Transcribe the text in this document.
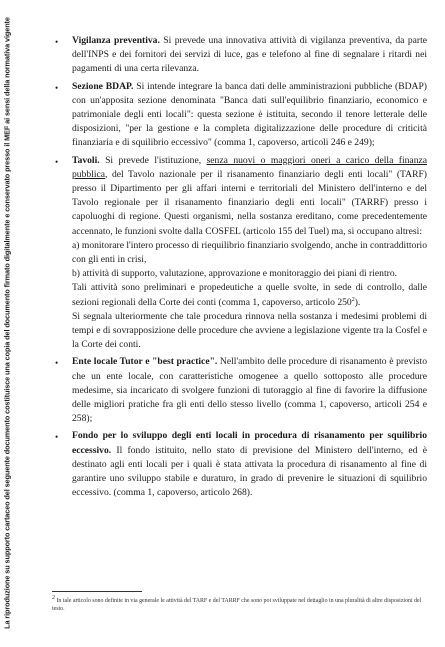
La riproduzione su supporto cartaceo del seguente documento costituisce una copia del documento firmato digitalmente e conservato presso il MEF ai sensi della normativa vigente	• Vigilanza preventiva. Si prevede una innovativa attività di vigilanza preventiva, da parte dell'INPS e dei fornitori dei servizi di luce, gas e telefono al fine di segnalare i ritardi nei pagamenti di una certa rilevanza.

• Sezione BDAP. Si intende integrare la banca dati delle amministrazioni pubbliche (BDAP) con un'apposita sezione denominata "Banca dati sull'equilibrio finanziario, economico e patrimoniale degli enti locali": questa sezione è istituita, secondo il tenore letterale delle disposizioni, "per la gestione e la completa digitalizzazione delle procedure di criticità finanziaria e di squilibrio eccessivo" (comma 1, capoverso, articoli 246 e 249);

• Tavoli. Si prevede l'istituzione, senza nuovi o maggiori oneri a carico della finanza pubblica, del Tavolo nazionale per il risanamento finanziario degli enti locali" (TARF) presso il Dipartimento per gli affari interni e territoriali del Ministero dell'interno e del Tavolo regionale per il risanamento finanziario degli enti locali" (TARRF) presso i capoluoghi di regione. Questi organismi, nella sostanza ereditano, come precedentemente accennato, le funzioni svolte dalla COSFEL (articolo 155 del Tuel) ma, si occupano altresì:

a) monitorare l'intero processo di riequilibrio finanziario svolgendo, anche in contraddittorio con gli enti in crisi,

b) attività di supporto, valutazione, approvazione e monitoraggio dei piani di rientro.

Tali attività sono preliminari e propedeutiche a quelle svolte, in sede di controllo, dalle sezioni regionali della Corte dei conti (comma 1, capoverso, articolo $250^2$).

Si segnala ulteriormente che tale procedura rinnova nella sostanza i medesimi problemi di tempi e di sovrapposizione delle procedure che avviene a legislazione vigente tra la Cosfel e la Corte dei conti.

• Ente locale Tutor e "best practice". Nell'ambito delle procedure di risanamento è previsto che un ente locale, con caratteristiche omogenee a quello sottoposto alle procedure medesime, sia incaricato di svolgere funzioni di tutoraggio al fine di favorire la diffusione delle migliori pratiche fra gli enti dello stesso livello (comma 1, capoverso, articoli 254 e 258);

• Fondo per lo sviluppo degli enti locali in procedura di risanamento per squilibrio eccessivo. Il fondo istituito, nello stato di previsione del Ministero dell'interno, ed è destinato agli enti locali per i quali è stata attivata la procedura di risanamento al fine di garantire uno sviluppo stabile e duraturo, in grado di prevenire le situazioni di squilibrio eccessivo. (comma 1, capoverso, articolo 268).

$^2$ In tale articolo sono definite in via generale le attività del TARF e del TARRF che sono poi sviluppate nel dettaglio in una pluralità di altre disposizioni del testo.
